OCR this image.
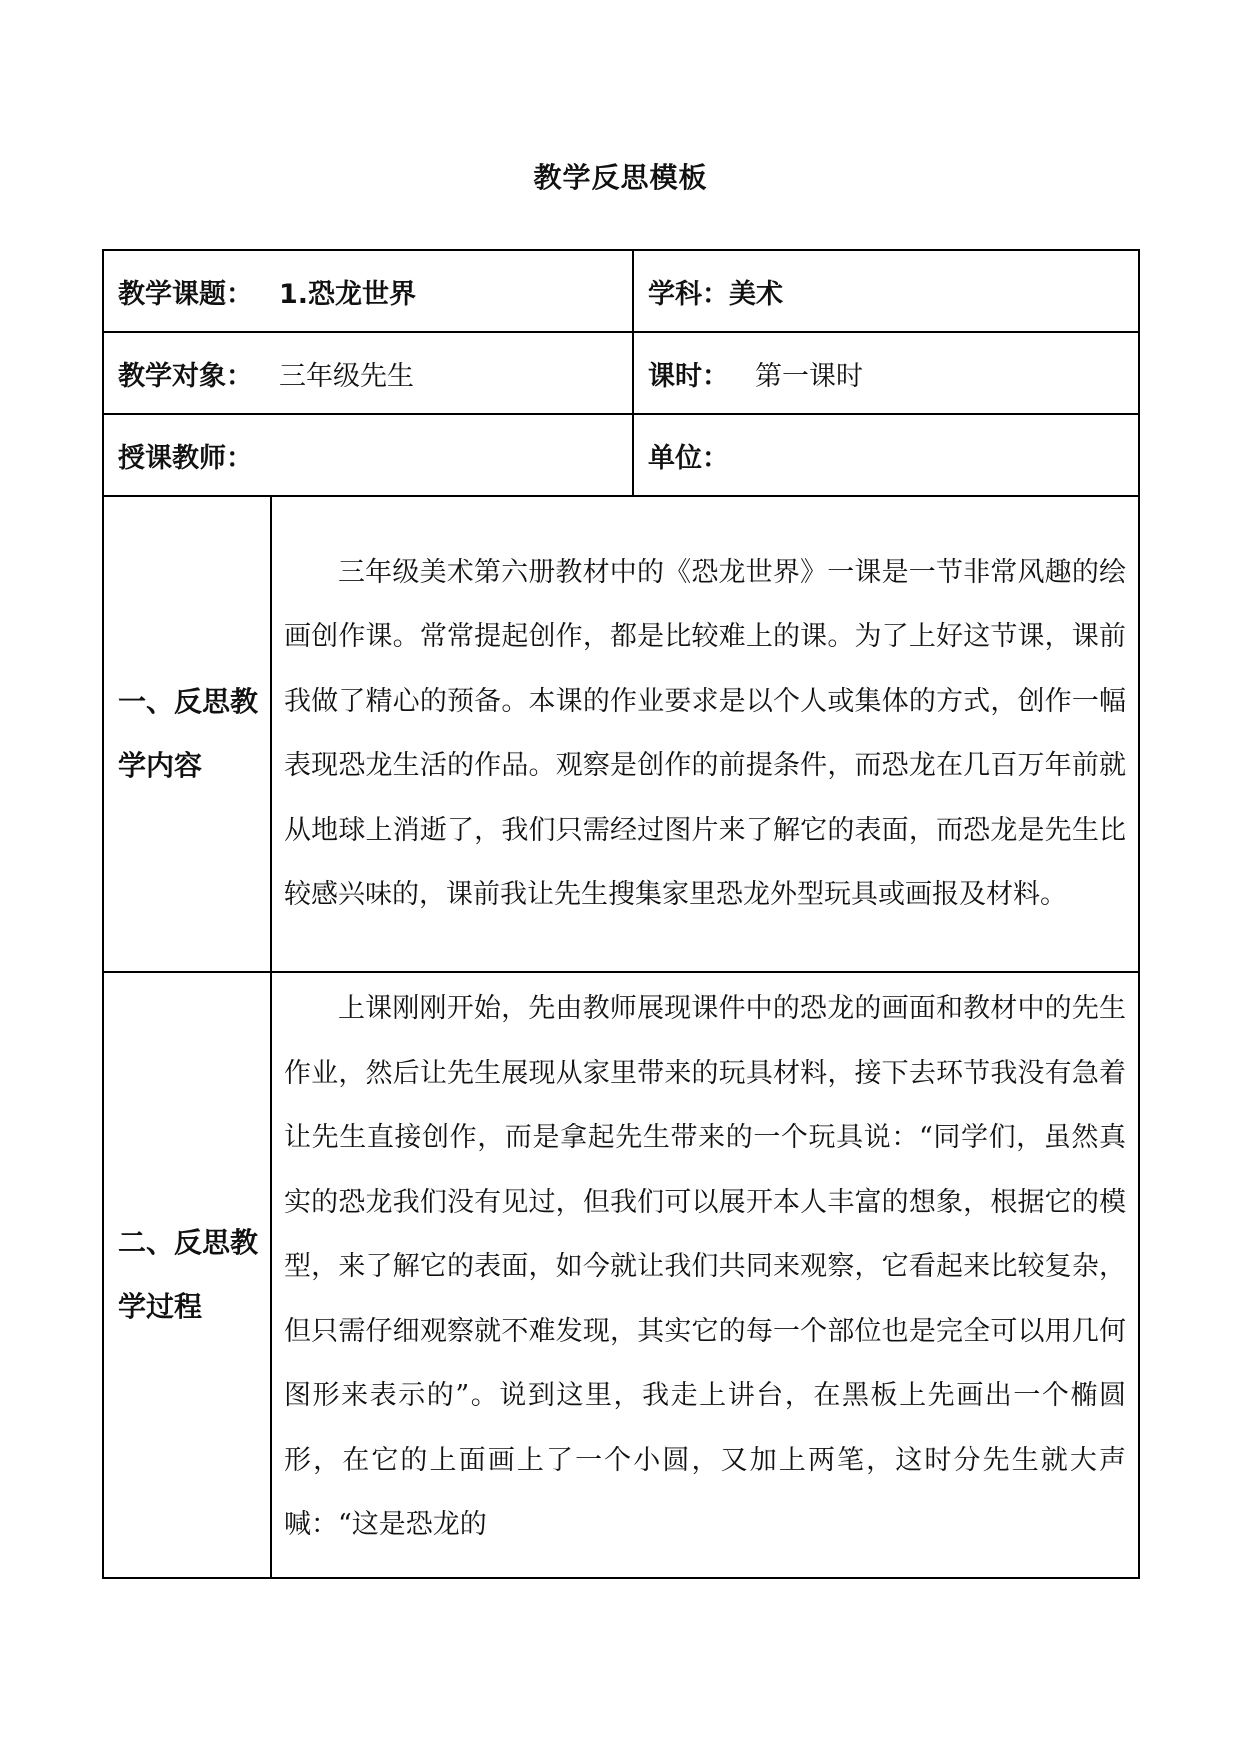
教学反思模板
教学课题： 1.恐龙世界		学科：美术
教学对象： 三年级先生		课时： 第一课时
授课教师：		单位：
一、反思教学内容	三年级美术第六册教材中的《恐龙世界》一课是一节非常风趣的绘画创作课。常常提起创作，都是比较难上的课。为了上好这节课，课前我做了精心的预备。本课的作业要求是以个人或集体的方式，创作一幅表现恐龙生活的作品。观察是创作的前提条件，而恐龙在几百万年前就从地球上消逝了，我们只需经过图片来了解它的表面，而恐龙是先生比较感兴味的，课前我让先生搜集家里恐龙外型玩具或画报及材料。	
二、反思教学过程	上课刚刚开始，先由教师展现课件中的恐龙的画面和教材中的先生作业，然后让先生展现从家里带来的玩具材料，接下去环节我没有急着让先生直接创作，而是拿起先生带来的一个玩具说：“同学们，虽然真实的恐龙我们没有见过，但我们可以展开本人丰富的想象，根据它的模型，来了解它的表面，如今就让我们共同来观察，它看起来比较复杂，但只需仔细观察就不难发现，其实它的每一个部位也是完全可以用几何图形来表示的”。说到这里，我走上讲台，在黑板上先画出一个椭圆形，在它的上面画上了一个小圆，又加上两笔，这时分先生就大声喊：“这是恐龙的	
